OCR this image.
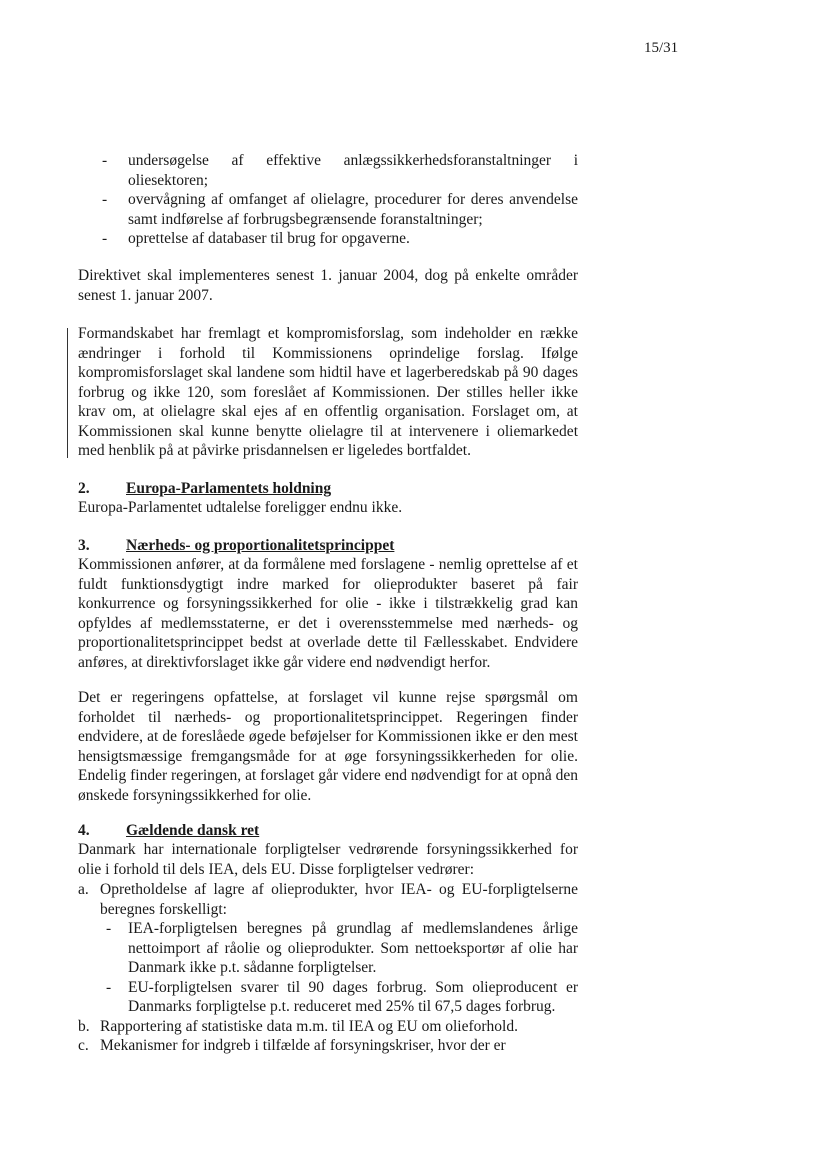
15/31
- undersøgelse af effektive anlægssikkerhedsforanstaltninger i oliesektoren;
- overvågning af omfanget af olielagre, procedurer for deres anvendelse samt indførelse af forbrugsbegrænsende foranstaltninger;
- oprettelse af databaser til brug for opgaverne.
Direktivet skal implementeres senest 1. januar 2004, dog på enkelte områder senest 1. januar 2007.
Formandskabet har fremlagt et kompromisforslag, som indeholder en række ændringer i forhold til Kommissionens oprindelige forslag. Ifølge kompromisforslaget skal landene som hidtil have et lagerberedskab på 90 dages forbrug og ikke 120, som foreslået af Kommissionen. Der stilles heller ikke krav om, at olielagre skal ejes af en offentlig organisation. Forslaget om, at Kommissionen skal kunne benytte olielagre til at intervenere i oliemarkedet med henblik på at påvirke prisdannelsen er ligeledes bortfaldet.
2. Europa-Parlamentets holdning
Europa-Parlamentet udtalelse foreligger endnu ikke.
3. Nærheds- og proportionalitetsprincippet
Kommissionen anfører, at da formålene med forslagene - nemlig oprettelse af et fuldt funktionsdygtigt indre marked for olieprodukter baseret på fair konkurrence og forsyningssikkerhed for olie - ikke i tilstrækkelig grad kan opfyldes af medlemsstaterne, er det i overensstemmelse med nærheds- og proportionalitetsprincippet bedst at overlade dette til Fællesskabet. Endvidere anføres, at direktivforslaget ikke går videre end nødvendigt herfor.
Det er regeringens opfattelse, at forslaget vil kunne rejse spørgsmål om forholdet til nærheds- og proportionalitetsprincippet. Regeringen finder endvidere, at de foreslåede øgede beføjelser for Kommissionen ikke er den mest hensigtsmæssige fremgangsmåde for at øge forsyningssikkerheden for olie. Endelig finder regeringen, at forslaget går videre end nødvendigt for at opnå den ønskede forsyningssikkerhed for olie.
4. Gældende dansk ret
Danmark har internationale forpligtelser vedrørende forsyningssikkerhed for olie i forhold til dels IEA, dels EU. Disse forpligtelser vedrører:
a. Opretholdelse af lagre af olieprodukter, hvor IEA- og EU-forpligtelserne beregnes forskelligt:
- IEA-forpligtelsen beregnes på grundlag af medlemslandenes årlige nettoimport af råolie og olieprodukter. Som nettoeksportør af olie har Danmark ikke p.t. sådanne forpligtelser.
- EU-forpligtelsen svarer til 90 dages forbrug. Som olieproducent er Danmarks forpligtelse p.t. reduceret med 25% til 67,5 dages forbrug.
b. Rapportering af statistiske data m.m. til IEA og EU om olieforhold.
c. Mekanismer for indgreb i tilfælde af forsyningskriser, hvor der er
